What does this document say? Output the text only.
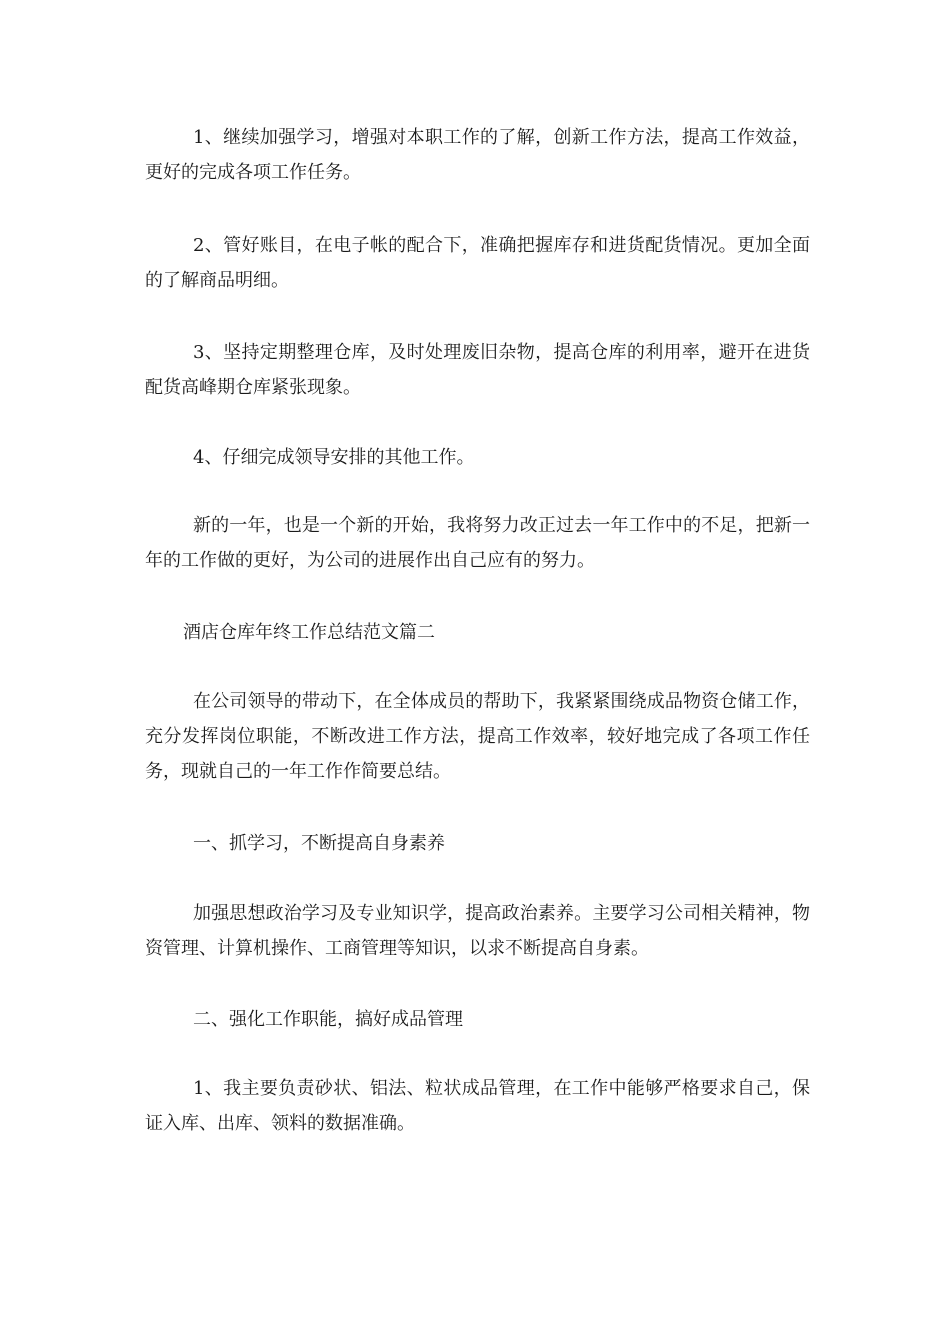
1、继续加强学习，增强对本职工作的了解，创新工作方法，提高工作效益，更好的完成各项工作任务。

2、管好账目，在电子帐的配合下，准确把握库存和进货配货情况。更加全面的了解商品明细。

3、坚持定期整理仓库，及时处理废旧杂物，提高仓库的利用率，避开在进货配货高峰期仓库紧张现象。

4、仔细完成领导安排的其他工作。

新的一年，也是一个新的开始，我将努力改正过去一年工作中的不足，把新一年的工作做的更好，为公司的进展作出自己应有的努力。

酒店仓库年终工作总结范文篇二

在公司领导的带动下，在全体成员的帮助下，我紧紧围绕成品物资仓储工作，充分发挥岗位职能，不断改进工作方法，提高工作效率，较好地完成了各项工作任务，现就自己的一年工作作简要总结。

一、抓学习，不断提高自身素养

加强思想政治学习及专业知识学，提高政治素养。主要学习公司相关精神，物资管理、计算机操作、工商管理等知识，以求不断提高自身素。

二、强化工作职能，搞好成品管理

1、我主要负责砂状、铝法、粒状成品管理，在工作中能够严格要求自己，保证入库、出库、领料的数据准确。
